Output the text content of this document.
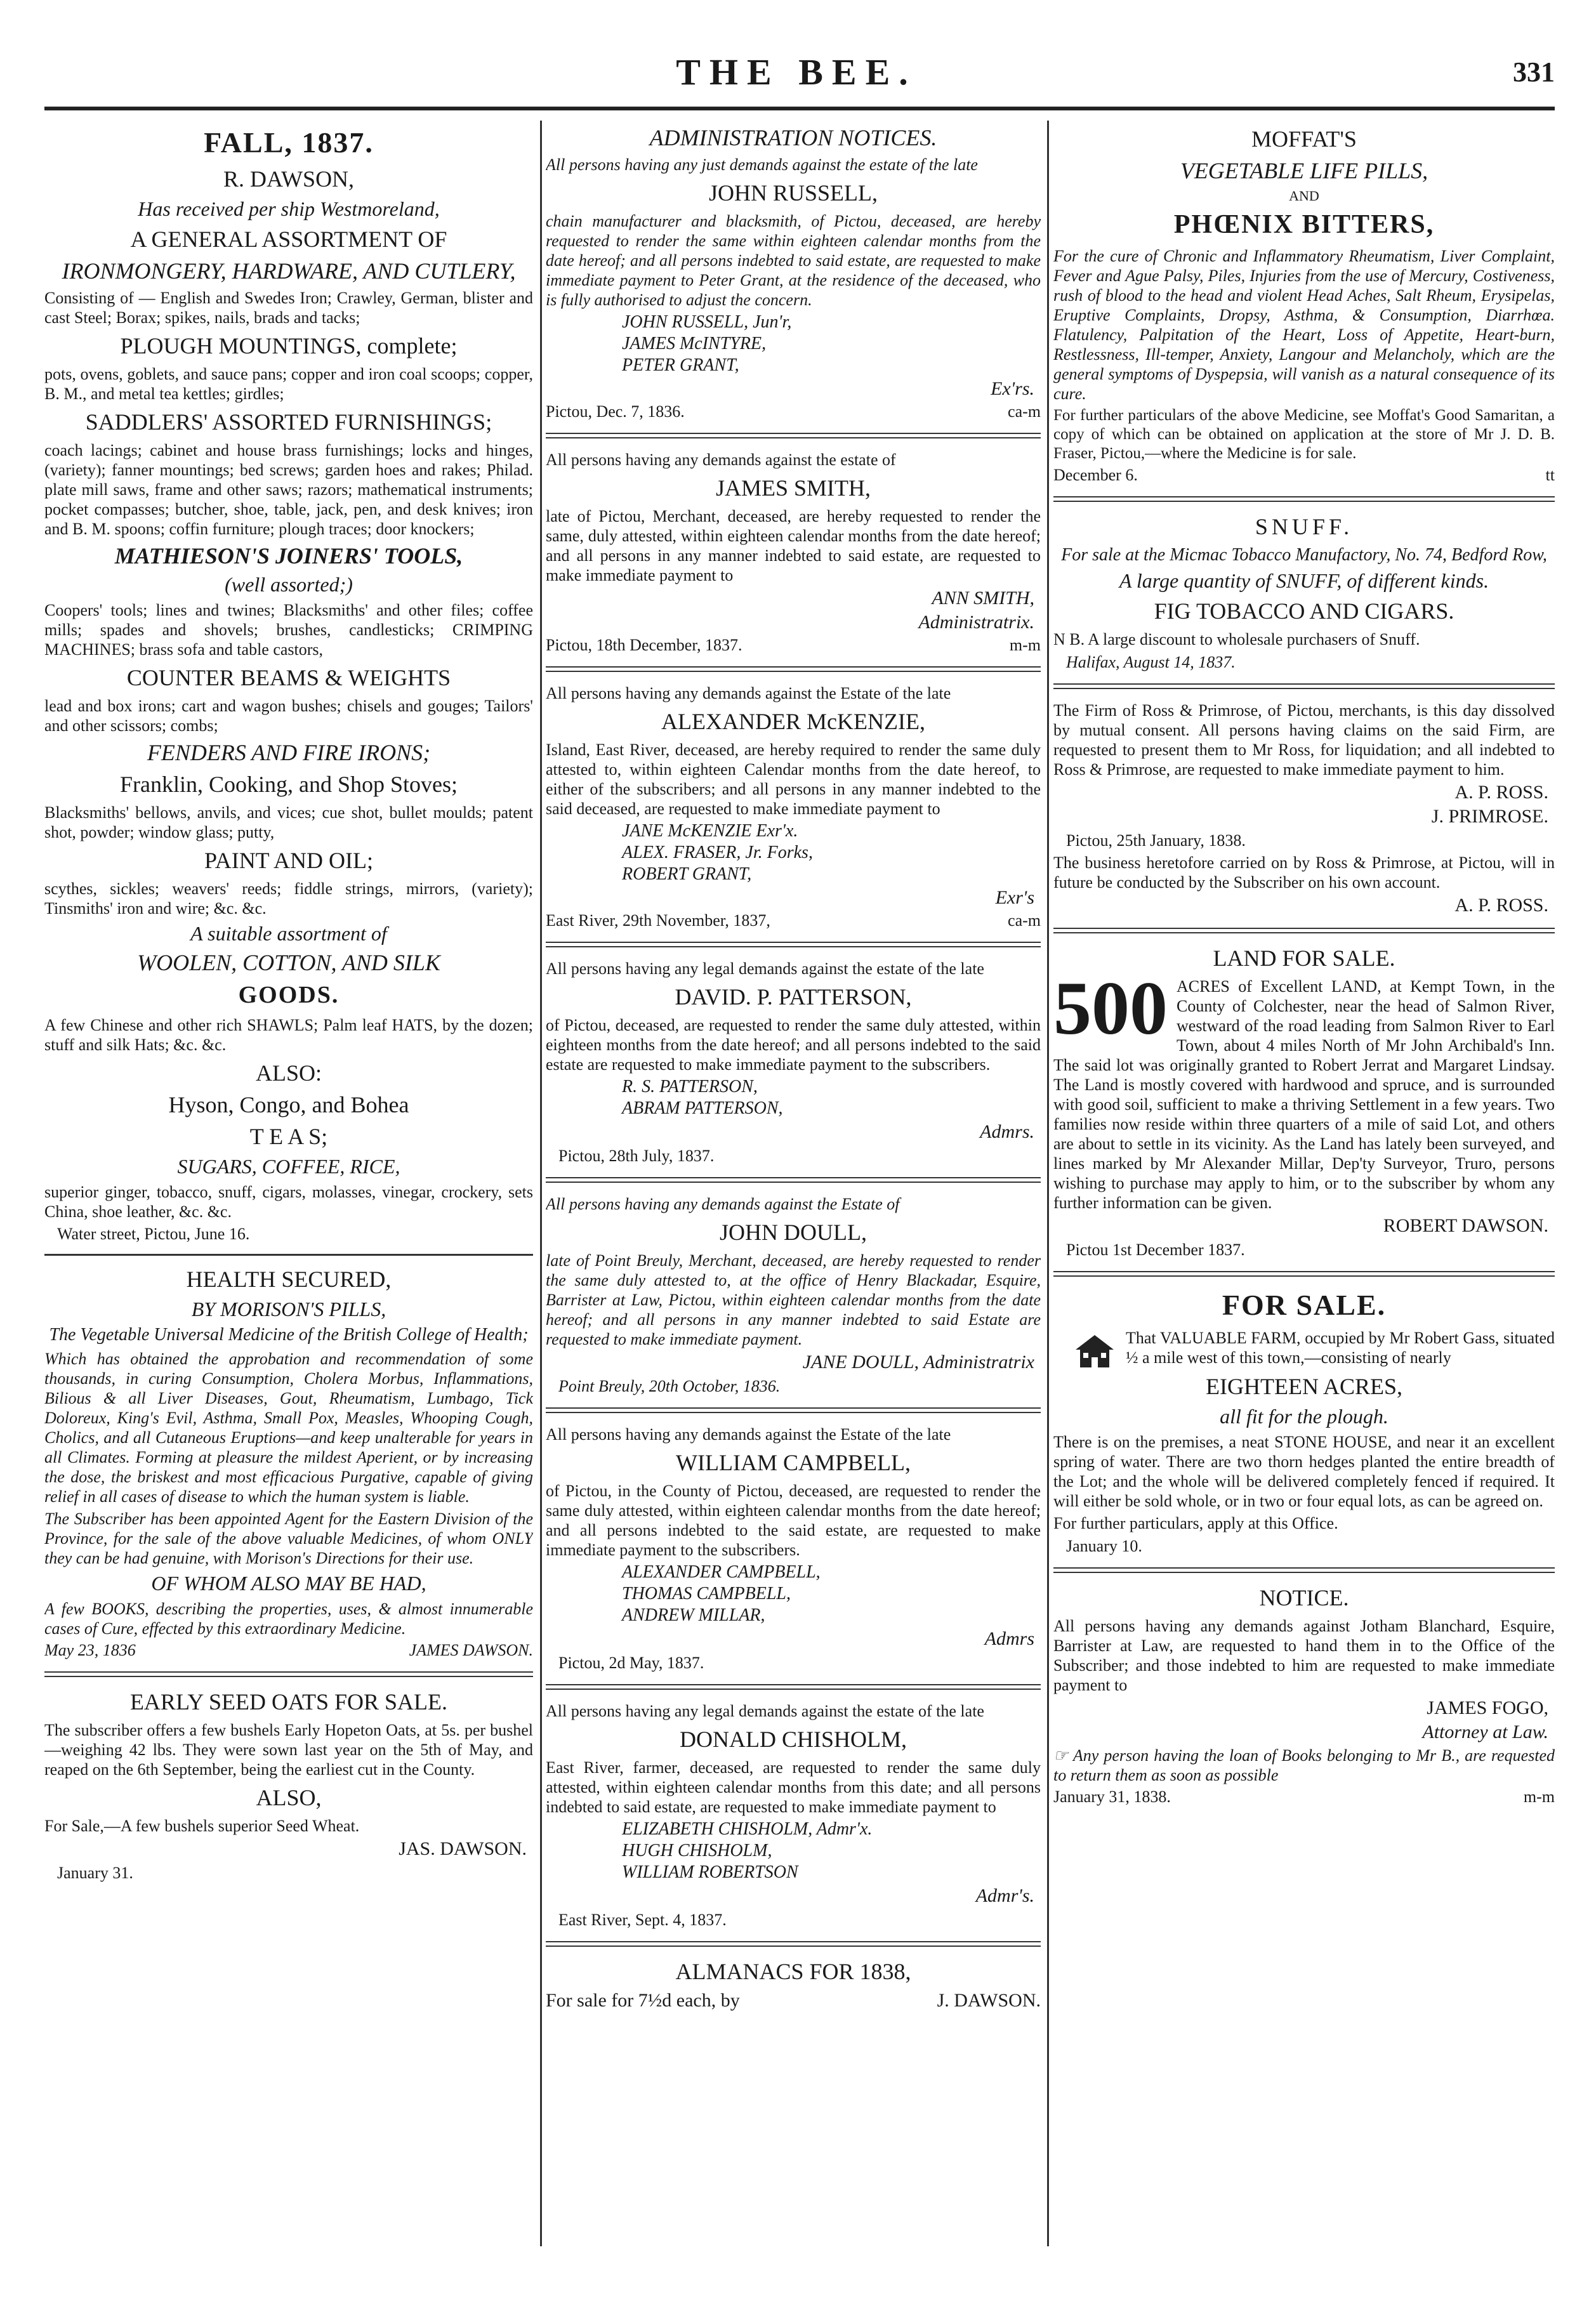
THE BEE.	331
FALL, 1837.
R. DAWSON,
Has received per ship Westmoreland,
A GENERAL ASSORTMENT OF
IRONMONGERY, HARDWARE, AND CUTLERY,

Consisting of — English and Swedes Iron; Crawley, German, blister and cast Steel; Borax; spikes, nails, brads and tacks;

PLOUGH MOUNTINGS, complete;

pots, ovens, goblets, and sauce pans; copper and iron coal scoops; copper, B. M., and metal tea kettles; girdles;

SADDLERS' ASSORTED FURNISHINGS;

coach lacings; cabinet and house brass furnishings; locks and hinges, (variety); fanner mountings; bed screws; garden hoes and rakes; Philad. plate mill saws, frame and other saws; razors; mathematical instruments; pocket compasses; butcher, shoe, table, jack, pen, and desk knives; iron and B. M. spoons; coffin furniture; plough traces; door knockers;

MATHIESON'S JOINERS' TOOLS,
(well assorted;)

Coopers' tools; lines and twines; Blacksmiths' and other files; coffee mills; spades and shovels; brushes, candlesticks; CRIMPING MACHINES; brass sofa and table castors,

COUNTER BEAMS & WEIGHTS

lead and box irons; cart and wagon bushes; chisels and gouges; Tailors' and other scissors; combs;

FENDERS AND FIRE IRONS;
Franklin, Cooking, and Shop Stoves;

Blacksmiths' bellows, anvils, and vices; cue shot, bullet moulds; patent shot, powder; window glass; putty,

PAINT AND OIL;

scythes, sickles; weavers' reeds; fiddle strings, mirrors, (variety); Tinsmiths' iron and wire; &c. &c.

A suitable assortment of
WOOLEN, COTTON, AND SILK
GOODS.

A few Chinese and other rich SHAWLS; Palm leaf HATS, by the dozen; stuff and silk Hats; &c. &c.

ALSO:
Hyson, Congo, and Bohea
T E A S;
SUGARS, COFFEE, RICE,

superior ginger, tobacco, snuff, cigars, molasses, vinegar, crockery, sets China, shoe leather, &c. &c.

Water street, Pictou, June 16.

HEALTH SECURED,
BY MORISON'S PILLS,
The Vegetable Universal Medicine of the British College of Health;

Which has obtained the approbation and recommendation of some thousands, in curing Consumption, Cholera Morbus, Inflammations, Bilious & all Liver Diseases, Gout, Rheumatism, Lumbago, Tick Doloreux, King's Evil, Asthma, Small Pox, Measles, Whooping Cough, Cholics, and all Cutaneous Eruptions—and keep unalterable for years in all Climates. Forming at pleasure the mildest Aperient, or by increasing the dose, the briskest and most efficacious Purgative, capable of giving relief in all cases of disease to which the human system is liable.

The Subscriber has been appointed Agent for the Eastern Division of the Province, for the sale of the above valuable Medicines, of whom ONLY they can be had genuine, with Morison's Directions for their use.

OF WHOM ALSO MAY BE HAD,

A few BOOKS, describing the properties, uses, & almost innumerable cases of Cure, effected by this extraordinary Medicine.

May 23, 1836	JAMES DAWSON.
EARLY SEED OATS FOR SALE.

The subscriber offers a few bushels Early Hopeton Oats, at 5s. per bushel—weighing 42 lbs. They were sown last year on the 5th of May, and reaped on the 6th September, being the earliest cut in the County.

ALSO,

For Sale,—A few bushels superior Seed Wheat.

JAS. DAWSON.
January 31.
ADMINISTRATION NOTICES.

All persons having any just demands against the estate of the late

JOHN RUSSELL,

chain manufacturer and blacksmith, of Pictou, deceased, are hereby requested to render the same within eighteen calendar months from the date hereof; and all persons indebted to said estate, are requested to make immediate payment to Peter Grant, at the residence of the deceased, who is fully authorised to adjust the concern.

JOHN RUSSELL, Jun'r,
JAMES McINTYRE,
PETER GRANT,
Ex'rs.
Pictou, Dec. 7, 1836.	ca-m

All persons having any demands against the estate of

JAMES SMITH,

late of Pictou, Merchant, deceased, are hereby requested to render the same, duly attested, within eighteen calendar months from the date hereof; and all persons in any manner indebted to said estate, are requested to make immediate payment to

ANN SMITH,
Administratrix.
Pictou, 18th December, 1837.	m-m

All persons having any demands against the Estate of the late

ALEXANDER McKENZIE,

Island, East River, deceased, are hereby required to render the same duly attested to, within eighteen Calendar months from the date hereof, to either of the subscribers; and all persons in any manner indebted to the said deceased, are requested to make immediate payment to

JANE McKENZIE Exr'x.
ALEX. FRASER, Jr. Forks,
ROBERT GRANT,
Exr's
East River, 29th November, 1837,	ca-m

All persons having any legal demands against the estate of the late

DAVID. P. PATTERSON,

of Pictou, deceased, are requested to render the same duly attested, within eighteen months from the date hereof; and all persons indebted to the said estate are requested to make immediate payment to the subscribers.

R. S. PATTERSON,
ABRAM PATTERSON,
Admrs.
Pictou, 28th July, 1837.

All persons having any demands against the Estate of

JOHN DOULL,

late of Point Breuly, Merchant, deceased, are hereby requested to render the same duly attested to, at the office of Henry Blackadar, Esquire, Barrister at Law, Pictou, within eighteen calendar months from the date hereof; and all persons in any manner indebted to said Estate are requested to make immediate payment.

JANE DOULL, Administratrix
Point Breuly, 20th October, 1836.

All persons having any demands against the Estate of the late

WILLIAM CAMPBELL,

of Pictou, in the County of Pictou, deceased, are requested to render the same duly attested, within eighteen calendar months from the date hereof; and all persons indebted to the said estate, are requested to make immediate payment to the subscribers.

ALEXANDER CAMPBELL,
THOMAS CAMPBELL,
ANDREW MILLAR,
Admrs
Pictou, 2d May, 1837.

All persons having any legal demands against the estate of the late

DONALD CHISHOLM,

East River, farmer, deceased, are requested to render the same duly attested, within eighteen calendar months from this date; and all persons indebted to said estate, are requested to make immediate payment to

ELIZABETH CHISHOLM, Admr'x.
HUGH CHISHOLM,
WILLIAM ROBERTSON
Admr's.
East River, Sept. 4, 1837.
ALMANACS FOR 1838,
For sale for 7½d each, by	J. DAWSON.
MOFFAT'S
VEGETABLE LIFE PILLS,
AND
PHŒNIX BITTERS,

For the cure of Chronic and Inflammatory Rheumatism, Liver Complaint, Fever and Ague Palsy, Piles, Injuries from the use of Mercury, Costiveness, rush of blood to the head and violent Head Aches, Salt Rheum, Erysipelas, Eruptive Complaints, Dropsy, Asthma, & Consumption, Diarrhœa. Flatulency, Palpitation of the Heart, Loss of Appetite, Heart-burn, Restlessness, Ill-temper, Anxiety, Langour and Melancholy, which are the general symptoms of Dyspepsia, will vanish as a natural consequence of its cure.

For further particulars of the above Medicine, see Moffat's Good Samaritan, a copy of which can be obtained on application at the store of Mr J. D. B. Fraser, Pictou,—where the Medicine is for sale.

December 6.	tt
SNUFF.
For sale at the Micmac Tobacco Manufactory, No. 74, Bedford Row,
A large quantity of SNUFF, of different kinds.
FIG TOBACCO AND CIGARS.

N B. A large discount to wholesale purchasers of Snuff.

Halifax, August 14, 1837.

The Firm of Ross & Primrose, of Pictou, merchants, is this day dissolved by mutual consent. All persons having claims on the said Firm, are requested to present them to Mr Ross, for liquidation; and all indebted to Ross & Primrose, are requested to make immediate payment to him.

A. P. ROSS.
J. PRIMROSE.
Pictou, 25th January, 1838.

The business heretofore carried on by Ross & Primrose, at Pictou, will in future be conducted by the Subscriber on his own account.

A. P. ROSS.
LAND FOR SALE.
500 ACRES of Excellent LAND, at Kempt Town, in the County of Colchester, near the head of Salmon River, westward of the road leading from Salmon River to Earl Town, about 4 miles North of Mr John Archibald's Inn. The said lot was originally granted to Robert Jerrat and Margaret Lindsay. The Land is mostly covered with hardwood and spruce, and is surrounded with good soil, sufficient to make a thriving Settlement in a few years. Two families now reside within three quarters of a mile of said Lot, and others are about to settle in its vicinity. As the Land has lately been surveyed, and lines marked by Mr Alexander Millar, Dep'ty Surveyor, Truro, persons wishing to purchase may apply to him, or to the subscriber by whom any further information can be given.

ROBERT DAWSON.
Pictou 1st December 1837.
FOR SALE.

That VALUABLE FARM, occupied by Mr Robert Gass, situated ½ a mile west of this town,—consisting of nearly

EIGHTEEN ACRES,
all fit for the plough.

There is on the premises, a neat STONE HOUSE, and near it an excellent spring of water. There are two thorn hedges planted the entire breadth of the Lot; and the whole will be delivered completely fenced if required. It will either be sold whole, or in two or four equal lots, as can be agreed on.

For further particulars, apply at this Office.

January 10.
NOTICE.

All persons having any demands against Jotham Blanchard, Esquire, Barrister at Law, are requested to hand them in to the Office of the Subscriber; and those indebted to him are requested to make immediate payment to

JAMES FOGO,
Attorney at Law.

☞ Any person having the loan of Books belonging to Mr B., are requested to return them as soon as possible

January 31, 1838.	m-m
